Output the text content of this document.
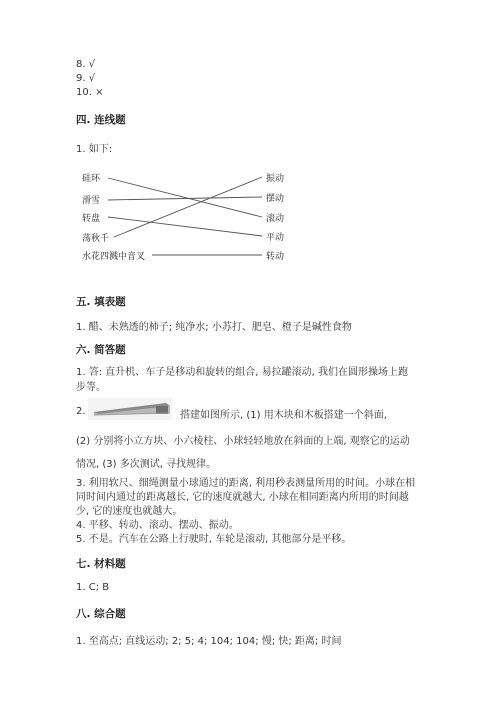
8. √
9. √
10. ×
四. 连线题
1. 如下:
硅环
滑雪
转盘
荡秋千
水花四溅中音叉
振动
摆动
滚动
平动
转动
五. 填表题
1. 醋、未熟透的柿子; 纯净水; 小苏打、肥皂、橙子是碱性食物
六. 简答题
1. 答: 直升机、车子是移动和旋转的组合, 易拉罐滚动, 我们在圆形操场上跑
步等。
2.	搭建如图所示, (1) 用木块和木板搭建一个斜面,
(2) 分别将小立方块、小六棱柱、小球轻轻地放在斜面的上端, 观察它的运动
情况, (3) 多次测试, 寻找规律。
3. 利用软尺、细绳测量小球通过的距离, 利用秒表测量所用的时间。小球在相
同时间内通过的距离越长, 它的速度就越大, 小球在相同距离内所用的时间越
少, 它的速度也就越大。
4. 平移、转动、滚动、摆动、振动。
5. 不是。汽车在公路上行驶时, 车轮是滚动, 其他部分是平移。
七. 材料题
1. C; B
八. 综合题
1. 至高点; 直线运动; 2; 5; 4; 104; 104; 慢; 快; 距离; 时间
